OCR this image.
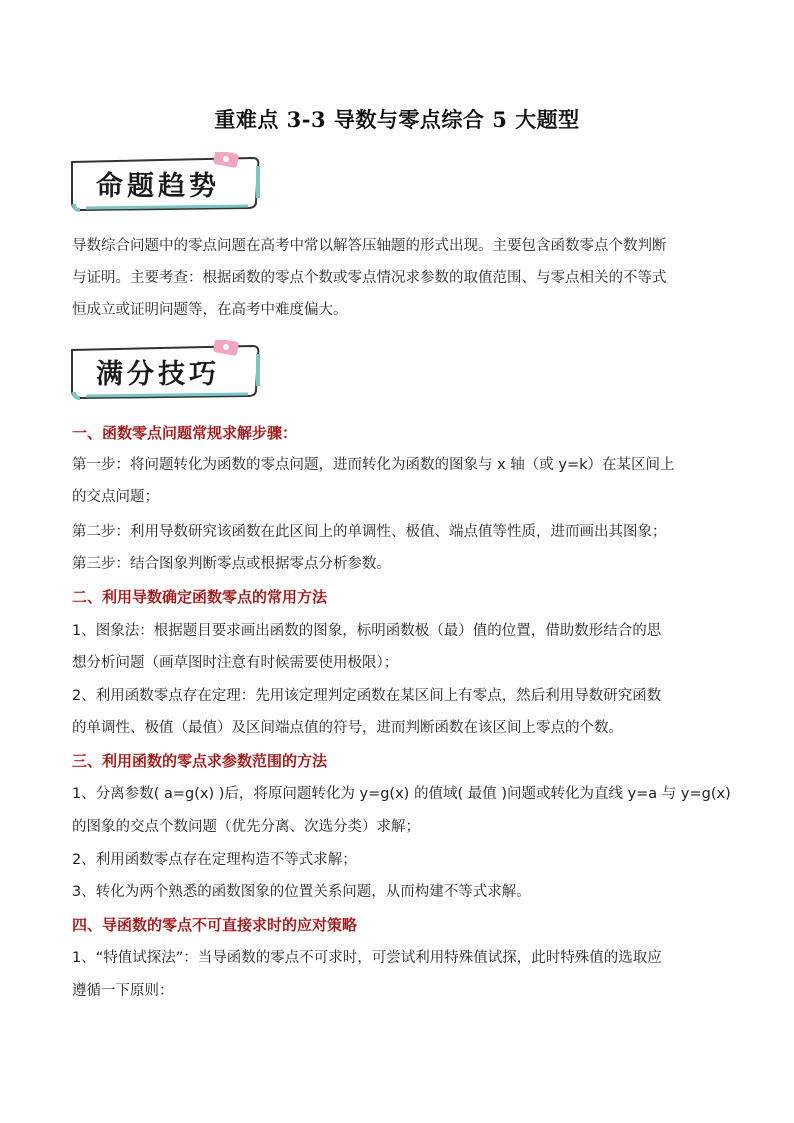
重难点 3-3 导数与零点综合 5 大题型
命题趋势
导数综合问题中的零点问题在高考中常以解答压轴题的形式出现。主要包含函数零点个数判断
与证明。主要考查：根据函数的零点个数或零点情况求参数的取值范围、与零点相关的不等式
恒成立或证明问题等，在高考中难度偏大。
满分技巧
一、函数零点问题常规求解步骤：
第一步：将问题转化为函数的零点问题，进而转化为函数的图象与 x 轴（或 y=k）在某区间上
的交点问题；
第二步：利用导数研究该函数在此区间上的单调性、极值、端点值等性质，进而画出其图象；
第三步：结合图象判断零点或根据零点分析参数。
二、利用导数确定函数零点的常用方法
1、图象法：根据题目要求画出函数的图象，标明函数极（最）值的位置，借助数形结合的思
想分析问题（画草图时注意有时候需要使用极限）；
2、利用函数零点存在定理：先用该定理判定函数在某区间上有零点，然后利用导数研究函数
的单调性、极值（最值）及区间端点值的符号，进而判断函数在该区间上零点的个数。
三、利用函数的零点求参数范围的方法
1、分离参数( a=g(x) )后，将原问题转化为 y=g(x) 的值域( 最值 )问题或转化为直线 y=a 与 y=g(x)
的图象的交点个数问题（优先分离、次选分类）求解；
2、利用函数零点存在定理构造不等式求解；
3、转化为两个熟悉的函数图象的位置关系问题，从而构建不等式求解。
四、导函数的零点不可直接求时的应对策略
1、“特值试探法”：当导函数的零点不可求时，可尝试利用特殊值试探，此时特殊值的选取应
遵循一下原则：
